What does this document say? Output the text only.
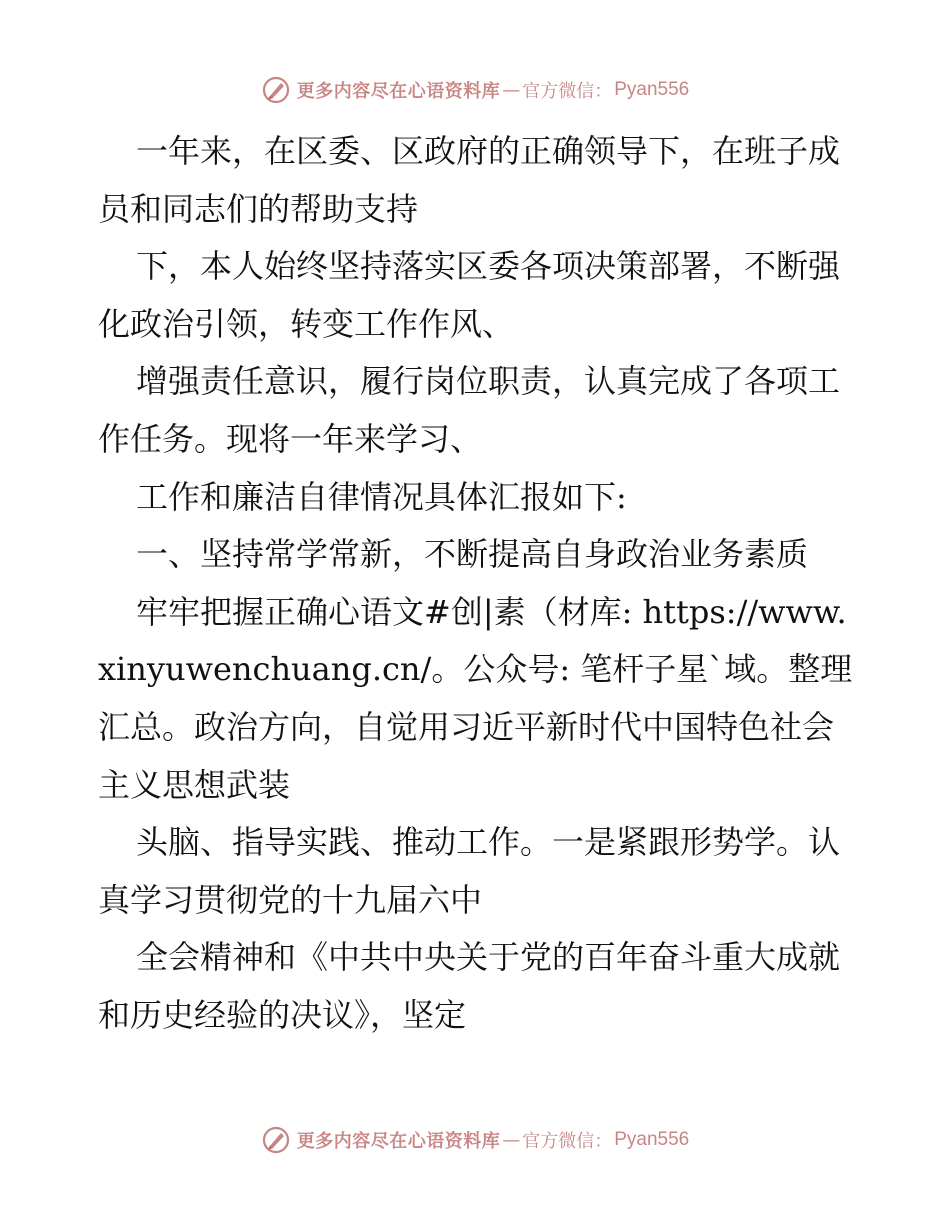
更多内容尽在心语资料库 — 官方微信： Pyan556

一年来，在区委、区政府的正确领导下，在班子成员和同志们的帮助支持

下，本人始终坚持落实区委各项决策部署，不断强化政治引领，转变工作作风、

增强责任意识，履行岗位职责，认真完成了各项工作任务。现将一年来学习、

工作和廉洁自律情况具体汇报如下:

一、坚持常学常新，不断提高自身政治业务素质

牢牢把握正确心语文#创|素（材库: https://www.xinyuwenchuang.cn/。公众号: 笔杆子星`域。整理汇总。政治方向，自觉用习近平新时代中国特色社会主义思想武装

头脑、指导实践、推动工作。一是紧跟形势学。认真学习贯彻党的十九届六中

全会精神和《中共中央关于党的百年奋斗重大成就和历史经验的决议》，坚定

更多内容尽在心语资料库 — 官方微信： Pyan556
